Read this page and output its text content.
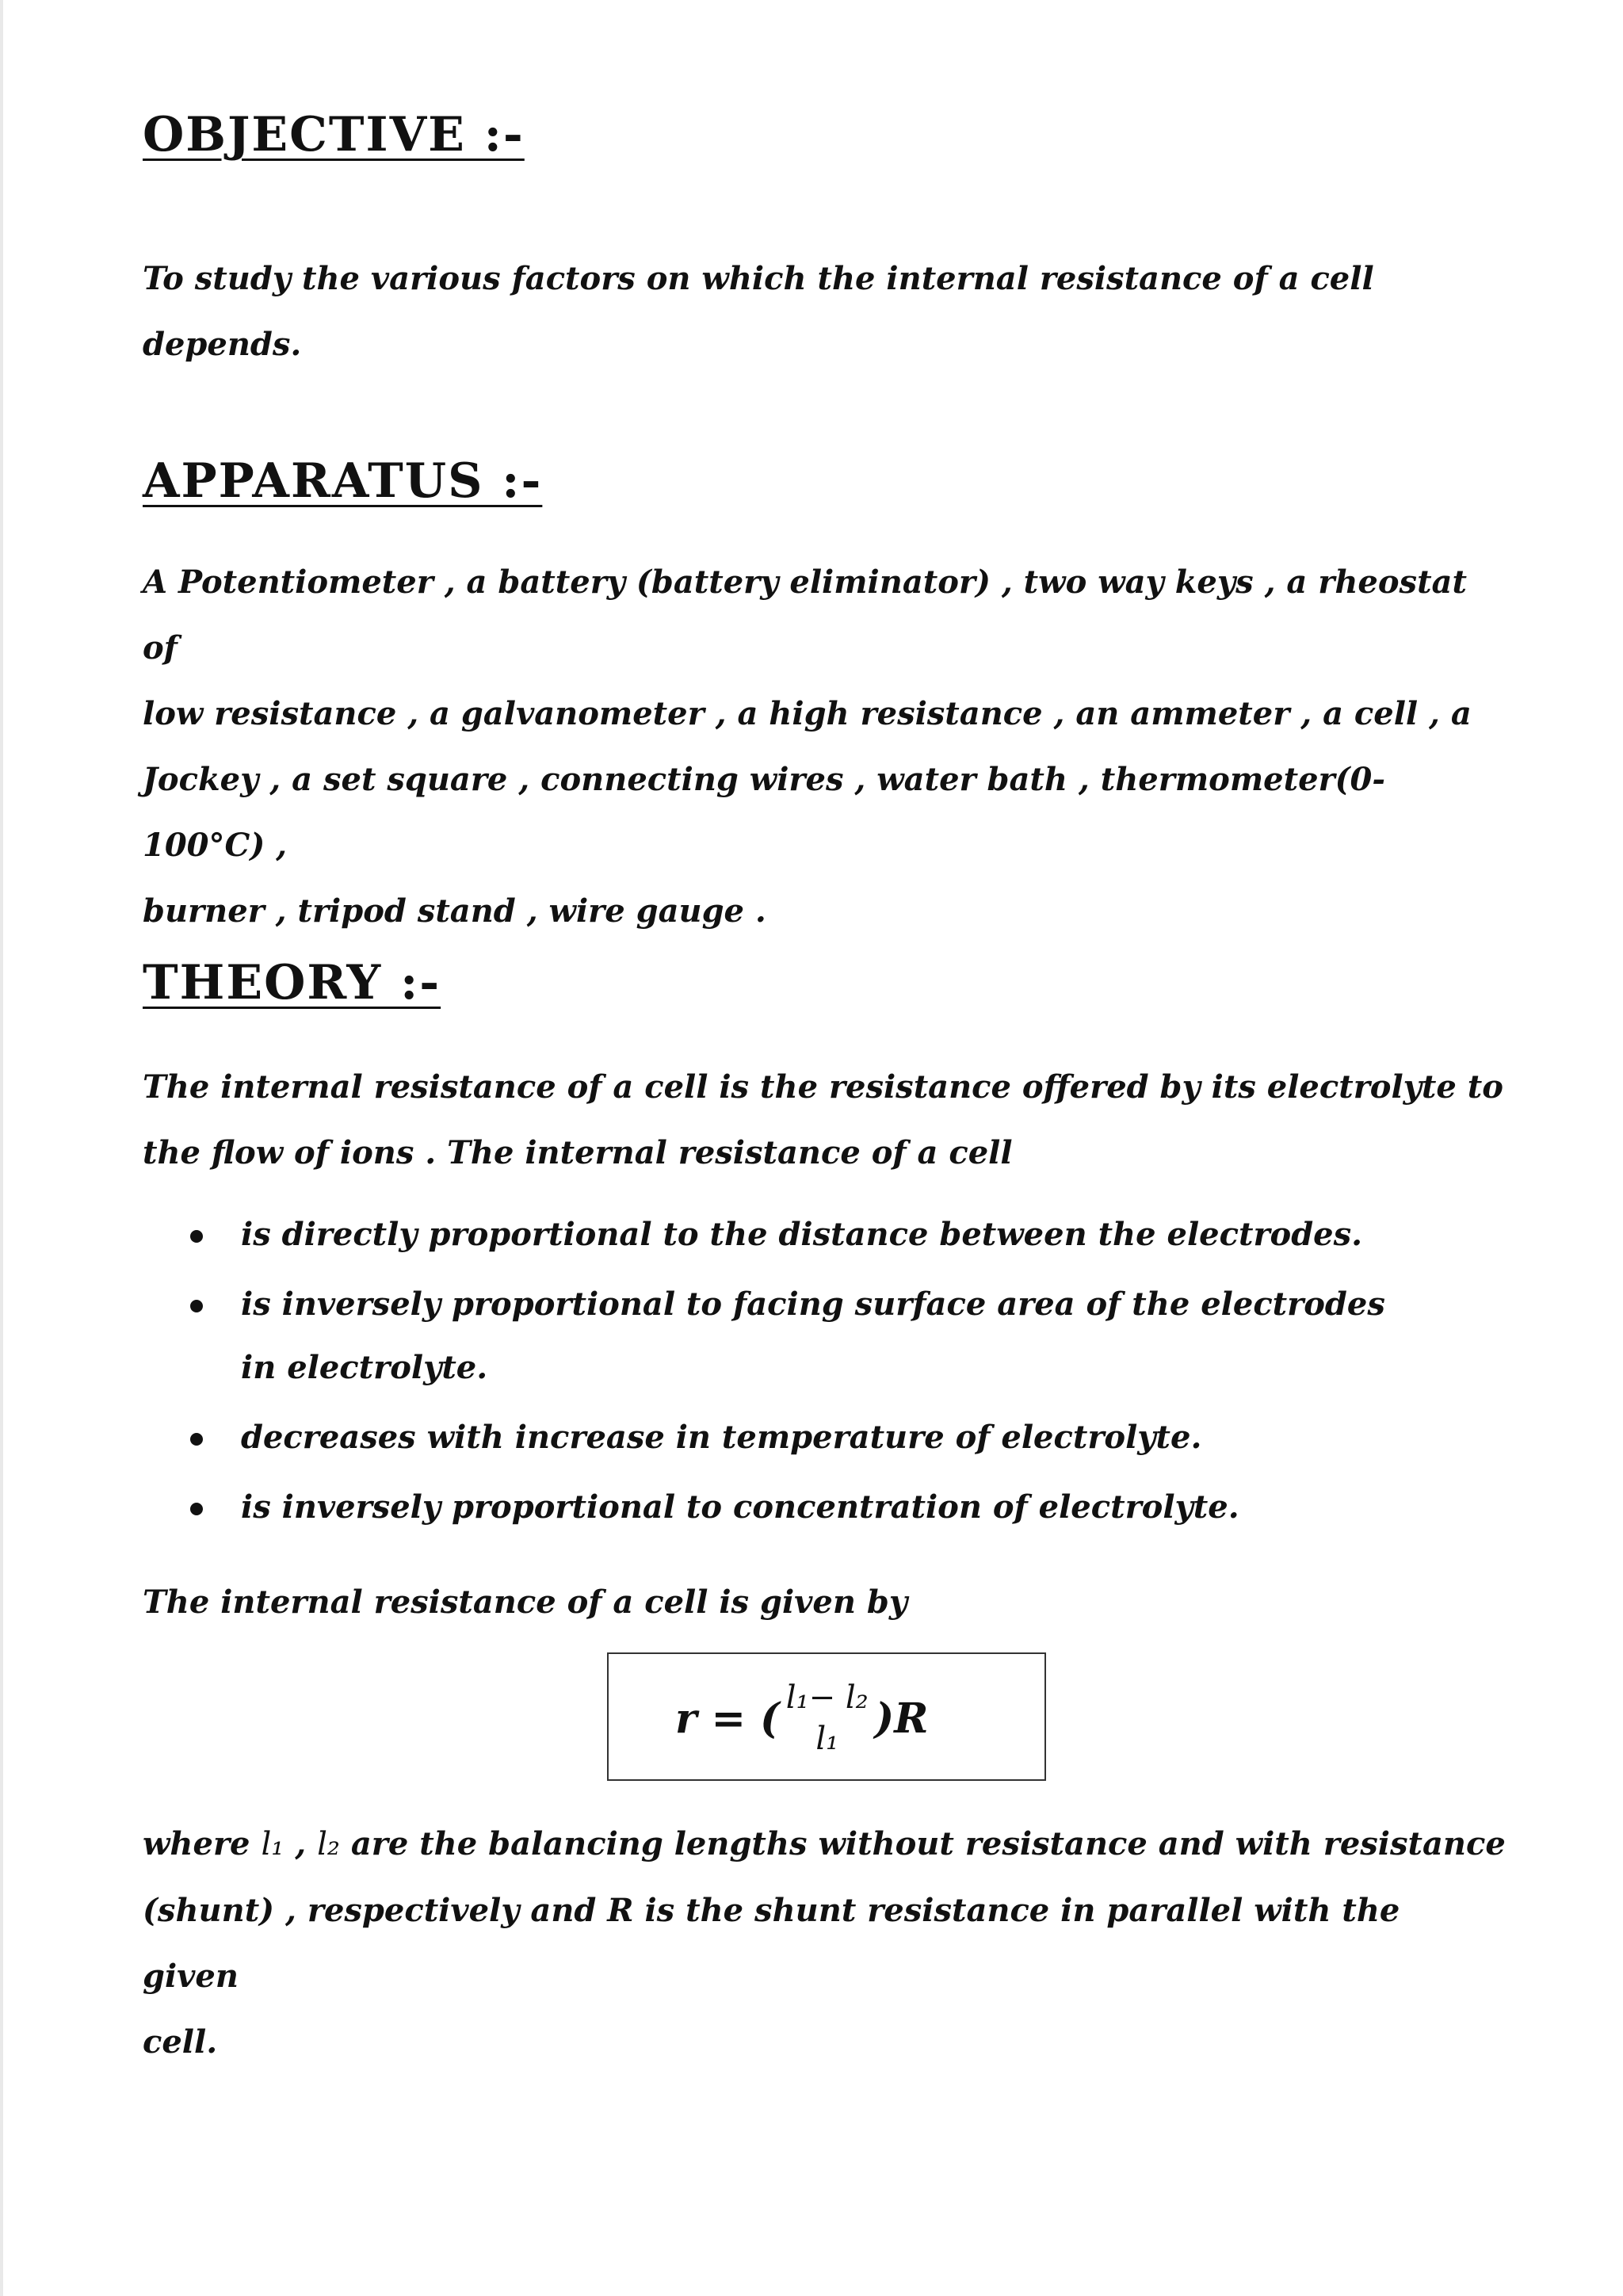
OBJECTIVE :-

To study the various factors on which the internal resistance of a cell depends.

APPARATUS :-
A Potentiometer , a battery (battery eliminator) , two way keys , a rheostat of
low resistance , a galvanometer , a high resistance , an ammeter , a cell , a
Jockey , a set square , connecting wires , water bath , thermometer(0-100°C) ,
burner , tripod stand , wire gauge .
THEORY :-
The internal resistance of a cell is the resistance offered by its electrolyte to
the flow of ions . The internal resistance of a cell
is directly proportional to the distance between the electrodes.
is inversely proportional to facing surface area of the electrodes in electrolyte.
decreases with increase in temperature of electrolyte.
is inversely proportional to concentration of electrolyte.

The internal resistance of a cell is given by

r = ( l₁− l₂
l₁ )R
where l₁ , l₂ are the balancing lengths without resistance and with resistance
(shunt) , respectively and R is the shunt resistance in parallel with the given
cell.
